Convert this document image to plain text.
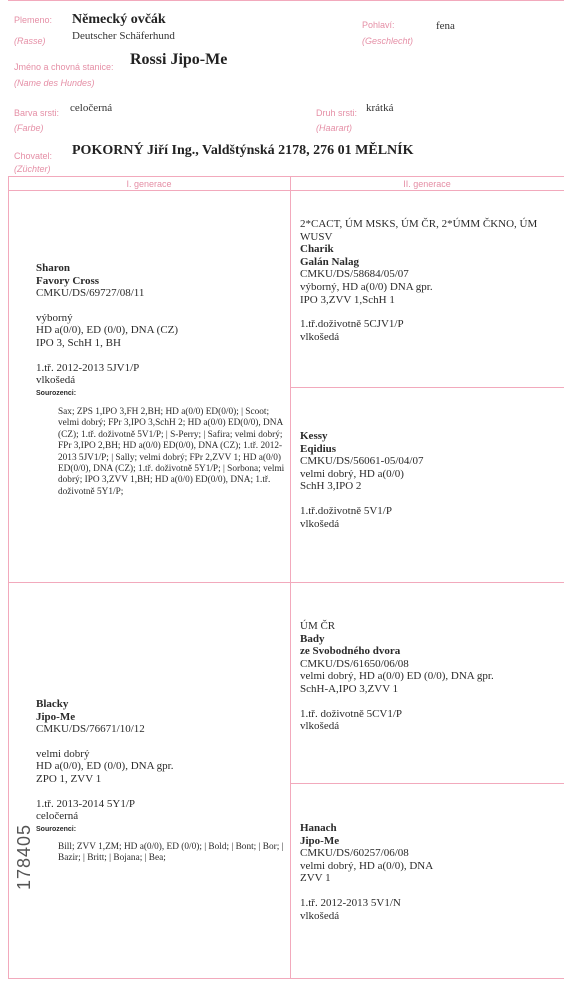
Plemeno:
(Rasse)
Německý ovčák
Deutscher Schäferhund
Pohlaví:
(Geschlecht)
fena
Jméno a chovná stanice:
(Name des Hundes)
Rossi Jipo-Me
Barva srsti:
(Farbe)
celočerná	Druh srsti:
(Haarart)
krátká
Chovatel:
(Züchter)
POKORNÝ Jiří Ing., Valdštýnská 2178, 276 01 MĚLNÍK
I. generace	II. generace
Sharon
Favory Cross
CMKU/DS/69727/08/11
výborný
HD a(0/0), ED (0/0), DNA (CZ)
IPO 3, SchH 1, BH
1.tř. 2012-2013 5JV1/P
vlkošedá
Sourozenci:
Sax; ZPS 1,IPO 3,FH 2,BH; HD a(0/0) ED(0/0); | Scoot; velmi dobrý; FPr 3,IPO 3,SchH 2; HD a(0/0) ED(0/0), DNA (CZ); 1.tř. doživotně 5V1/P; | S-Perry; | Safira; velmi dobrý; FPr 3,IPO 2,BH; HD a(0/0) ED(0/0), DNA (CZ); 1.tř. 2012-2013 5JV1/P; | Sally; velmi dobrý; FPr 2,ZVV 1; HD a(0/0) ED(0/0), DNA (CZ); 1.tř. doživotně 5Y1/P; | Sorbona; velmi dobrý; IPO 3,ZVV 1,BH; HD a(0/0) ED(0/0), DNA; 1.tř. doživotně 5Y1/P;
Blacky
Jipo-Me
CMKU/DS/76671/10/12
velmi dobrý
HD a(0/0), ED (0/0), DNA gpr.
ZPO 1, ZVV 1
1.tř. 2013-2014 5Y1/P
celočerná
Sourozenci:
Bill; ZVV 1,ZM; HD a(0/0), ED (0/0); | Bold; | Bont; | Bor; | Bazir; | Britt; | Bojana; | Bea;
2*CACT, ÚM MSKS, ÚM ČR, 2*ÚMM ČKNO, ÚM WUSV
Charik
Galán Nalag
CMKU/DS/58684/05/07
výborný, HD a(0/0) DNA gpr.
IPO 3,ZVV 1,SchH 1
1.tř.doživotně 5CJV1/P
vlkošedá
Kessy
Eqidius
CMKU/DS/56061-05/04/07
velmi dobrý, HD a(0/0)
SchH 3,IPO 2
1.tř.doživotně 5V1/P
vlkošedá
ÚM ČR
Bady
ze Svobodného dvora
CMKU/DS/61650/06/08
velmi dobrý, HD a(0/0) ED (0/0), DNA gpr.
SchH-A,IPO 3,ZVV 1
1.tř. doživotně 5CV1/P
vlkošedá
Hanach
Jipo-Me
CMKU/DS/60257/06/08
velmi dobrý, HD a(0/0), DNA
ZVV 1
1.tř. 2012-2013 5V1/N
vlkošedá
178405
